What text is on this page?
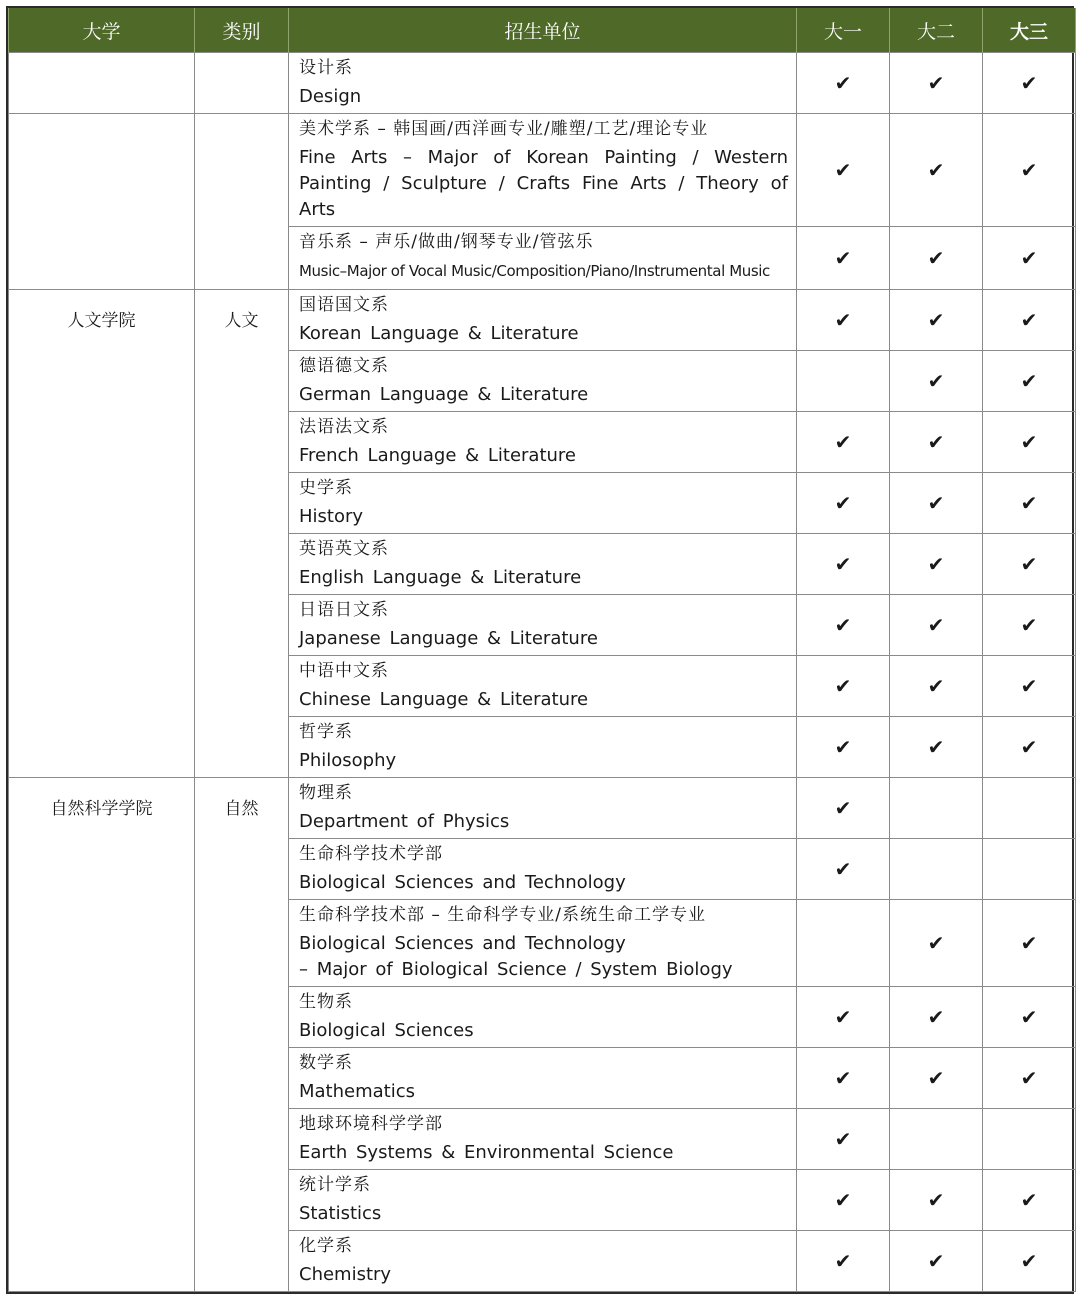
大学	类别	招生单位	大一	大二	大三

		设计系
Design	✔	✔	✔

		美术学系 – 韩国画/西洋画专业/雕塑/工艺/理论专业
Fine Arts – Major of Korean Painting / Western Painting / Sculpture / Crafts Fine Arts / Theory of Arts	✔	✔	✔

		音乐系 – 声乐/做曲/钢琴专业/管弦乐
Music–Major of Vocal Music/Composition/Piano/Instrumental Music	✔	✔	✔
人文学院	人文	国语国文系
Korean Language & Literature	✔	✔	✔

		德语德文系
German Language & Literature		✔	✔

		法语法文系
French Language & Literature	✔	✔	✔

		史学系
History	✔	✔	✔

		英语英文系
English Language & Literature	✔	✔	✔

		日语日文系
Japanese Language & Literature	✔	✔	✔

		中语中文系
Chinese Language & Literature	✔	✔	✔

		哲学系
Philosophy	✔	✔	✔
自然科学学院	自然	物理系
Department of Physics	✔		

		生命科学技术学部
Biological Sciences and Technology	✔		

		生命科学技术部 – 生命科学专业/系统生命工学专业
Biological Sciences and Technology
– Major of Biological Science / System Biology		✔	✔

		生物系
Biological Sciences	✔	✔	✔

		数学系
Mathematics	✔	✔	✔

		地球环境科学学部
Earth Systems & Environmental Science	✔		

		统计学系
Statistics	✔	✔	✔

		化学系
Chemistry	✔	✔	✔
